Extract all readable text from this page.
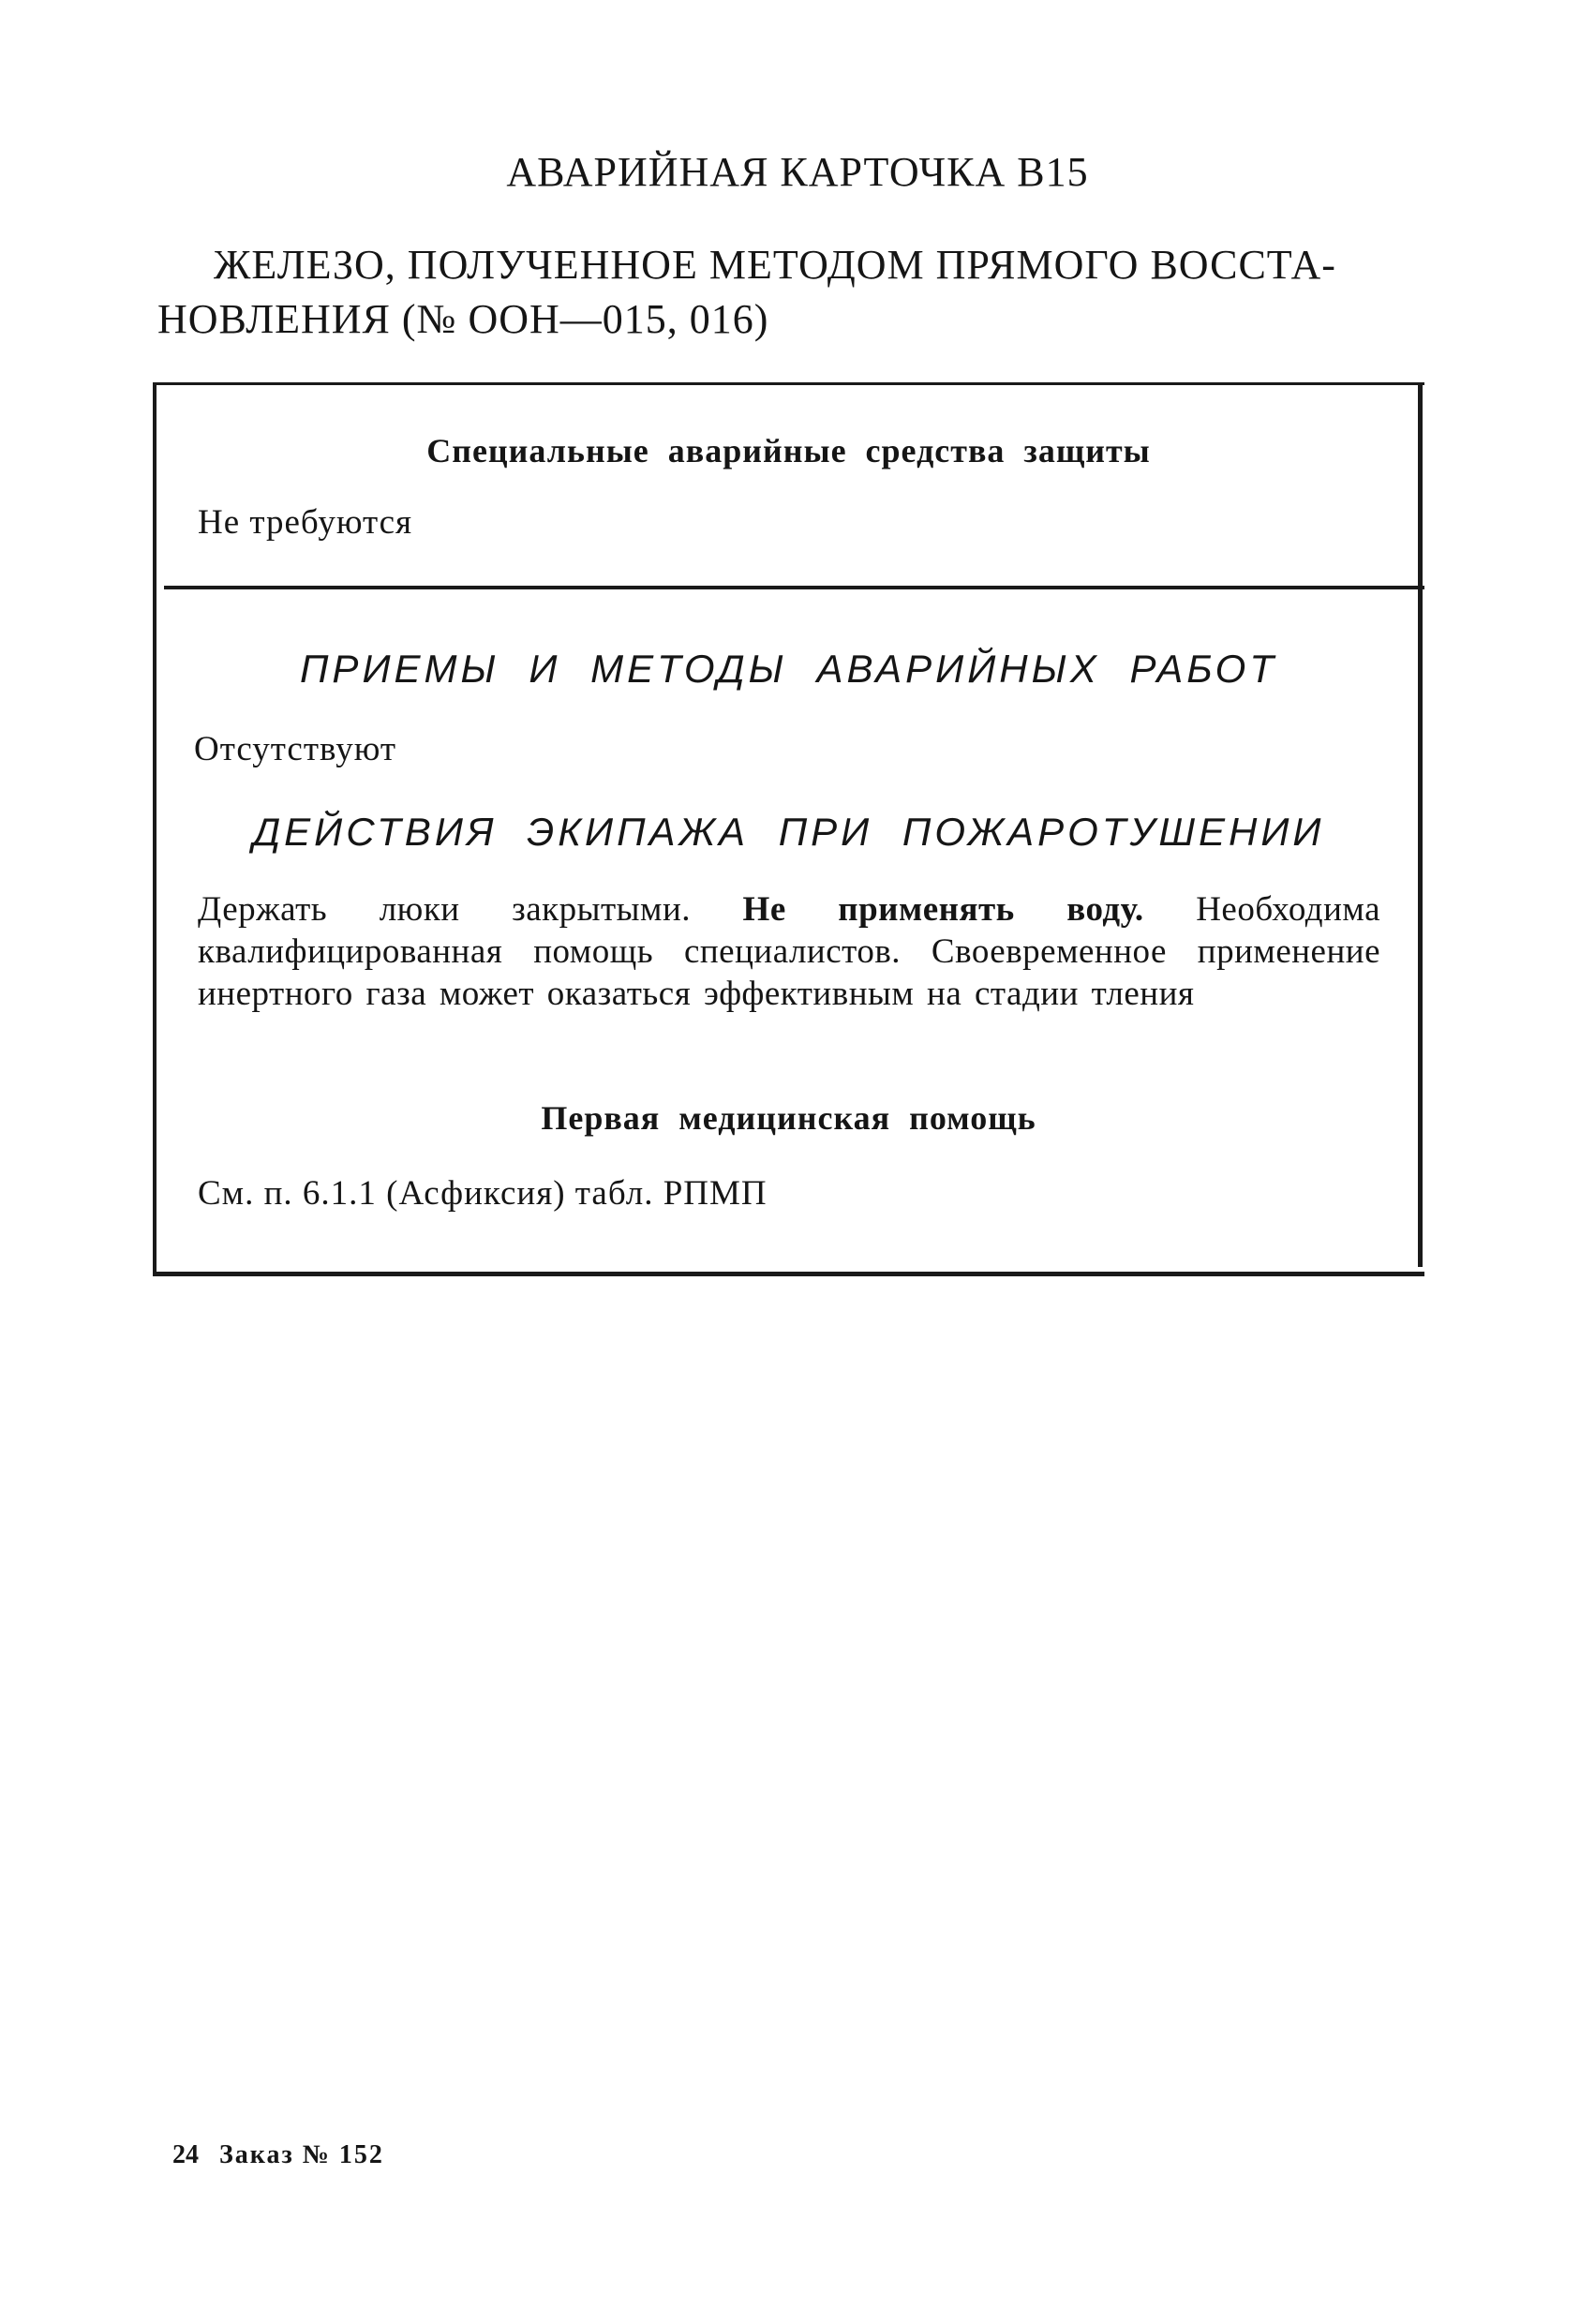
АВАРИЙНАЯ КАРТОЧКА В15
ЖЕЛЕЗО, ПОЛУЧЕННОЕ МЕТОДОМ ПРЯМОГО ВОССТА-
НОВЛЕНИЯ (№ ООН—015, 016)
Специальные аварийные средства защиты
Не требуются
ПРИЕМЫ И МЕТОДЫ АВАРИЙНЫХ РАБОТ
Отсутствуют
ДЕЙСТВИЯ ЭКИПАЖА ПРИ ПОЖАРОТУШЕНИИ
Держать люки закрытыми. Не применять воду. Необходима квалифицированная помощь специалистов. Своевременное применение инертного газа может оказаться эффективным на стадии тления
Первая медицинская помощь
См. п. 6.1.1 (Асфиксия) табл. РПМП
24 Заказ № 152
